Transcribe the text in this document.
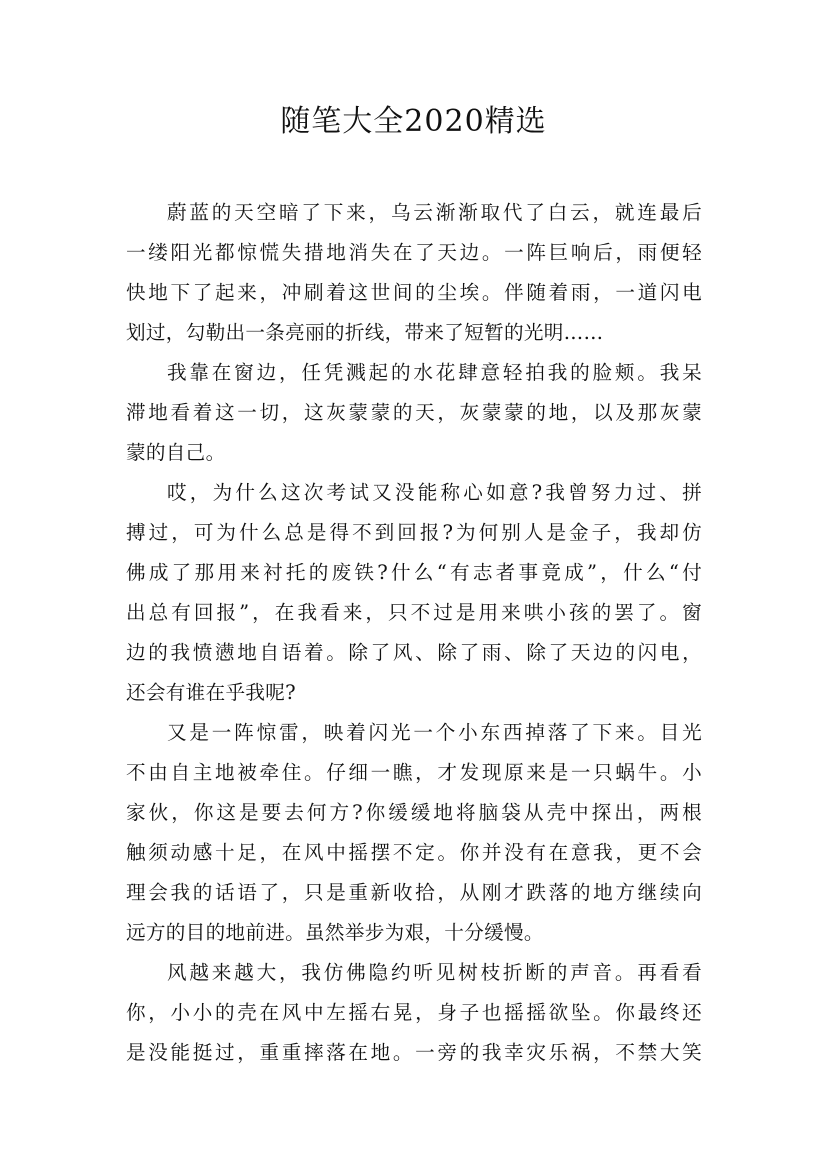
随笔大全2020精选
蔚蓝的天空暗了下来，乌云渐渐取代了白云，就连最后
一缕阳光都惊慌失措地消失在了天边。一阵巨响后，雨便轻
快地下了起来，冲刷着这世间的尘埃。伴随着雨，一道闪电
划过，勾勒出一条亮丽的折线，带来了短暂的光明……
我靠在窗边，任凭溅起的水花肆意轻拍我的脸颊。我呆
滞地看着这一切，这灰蒙蒙的天，灰蒙蒙的地，以及那灰蒙
蒙的自己。
哎，为什么这次考试又没能称心如意?我曾努力过、拼
搏过，可为什么总是得不到回报?为何别人是金子，我却仿
佛成了那用来衬托的废铁?什么“有志者事竟成”，什么“付
出总有回报”，在我看来，只不过是用来哄小孩的罢了。窗
边的我愤懑地自语着。除了风、除了雨、除了天边的闪电，
还会有谁在乎我呢?
又是一阵惊雷，映着闪光一个小东西掉落了下来。目光
不由自主地被牵住。仔细一瞧，才发现原来是一只蜗牛。小
家伙，你这是要去何方?你缓缓地将脑袋从壳中探出，两根
触须动感十足，在风中摇摆不定。你并没有在意我，更不会
理会我的话语了，只是重新收拾，从刚才跌落的地方继续向
远方的目的地前进。虽然举步为艰，十分缓慢。
风越来越大，我仿佛隐约听见树枝折断的声音。再看看
你，小小的壳在风中左摇右晃，身子也摇摇欲坠。你最终还
是没能挺过，重重摔落在地。一旁的我幸灾乐祸，不禁大笑
